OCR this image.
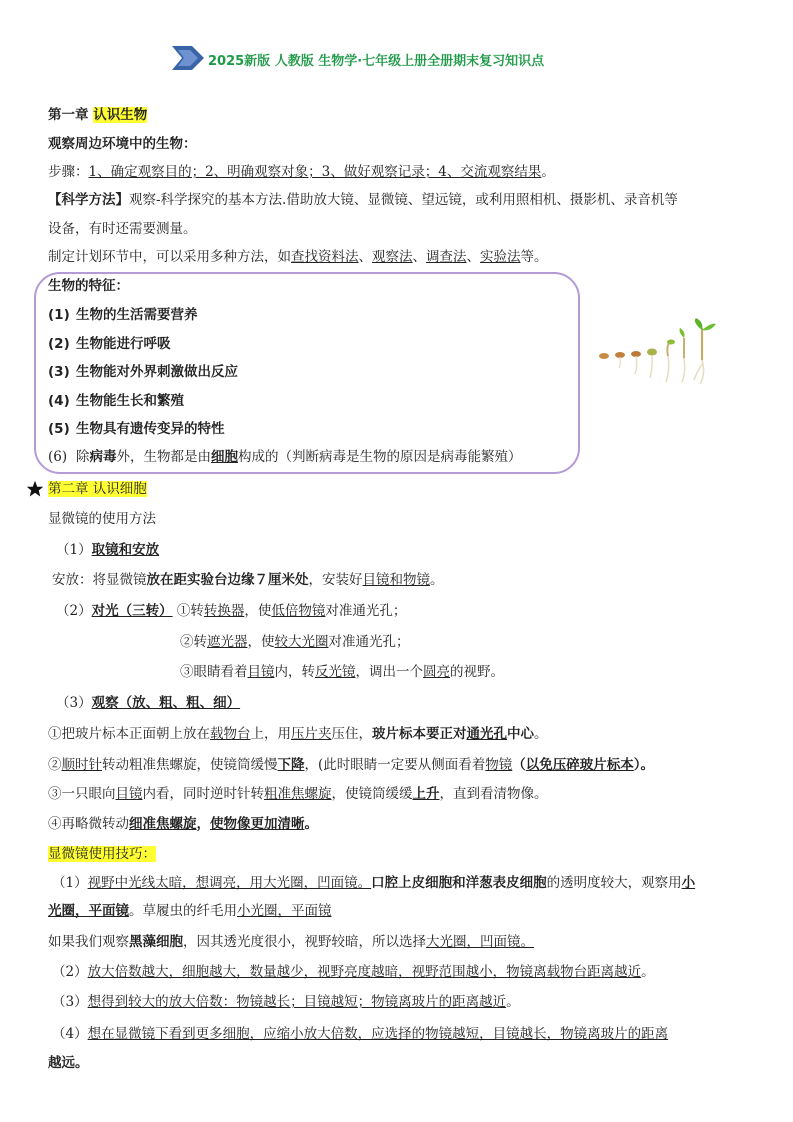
2025新版 人教版 生物学·七年级上册全册期末复习知识点
第一章 认识生物
观察周边环境中的生物：
步骤：1、确定观察目的；2、明确观察对象；3、做好观察记录；4、交流观察结果。
【科学方法】观察-科学探究的基本方法.借助放大镜、显微镜、望远镜，或利用照相机、摄影机、录音机等
设备，有时还需要测量。
制定计划环节中，可以采用多种方法，如查找资料法、观察法、调查法、实验法等。
生物的特征：
(1) 生物的生活需要营养
(2) 生物能进行呼吸
(3) 生物能对外界刺激做出反应
(4) 生物能生长和繁殖
(5) 生物具有遗传变异的特性
(6) 除病毒外，生物都是由细胞构成的（判断病毒是生物的原因是病毒能繁殖）
第二章 认识细胞
显微镜的使用方法
（1）取镜和安放
安放：将显微镜放在距实验台边缘７厘米处，安装好目镜和物镜。
（2）对光（三转） ①转转换器，使低倍物镜对准通光孔；
②转遮光器，使较大光圈对准通光孔；
③眼睛看着目镜内，转反光镜，调出一个圆亮的视野。
（3）观察（放、粗、粗、细）
①把玻片标本正面朝上放在载物台上，用压片夹压住，玻片标本要正对通光孔中心。
②顺时针转动粗准焦螺旋，使镜筒缓慢下降，(此时眼睛一定要从侧面看着物镜（以免压碎玻片标本）。
③一只眼向目镜内看，同时逆时针转粗准焦螺旋，使镜筒缓缓上升，直到看清物像。
④再略微转动细准焦螺旋，使物像更加清晰。
显微镜使用技巧：
（1）视野中光线太暗，想调亮，用大光圈，凹面镜。口腔上皮细胞和洋葱表皮细胞的透明度较大，观察用小
光圈，平面镜。草履虫的纤毛用小光圈，平面镜
如果我们观察黑藻细胞，因其透光度很小，视野较暗，所以选择大光圈，凹面镜。
（2）放大倍数越大，细胞越大，数量越少，视野亮度越暗，视野范围越小，物镜离载物台距离越近。
（3）想得到较大的放大倍数：物镜越长；目镜越短；物镜离玻片的距离越近。
（4）想在显微镜下看到更多细胞，应缩小放大倍数，应选择的物镜越短，目镜越长，物镜离玻片的距离
越远。
